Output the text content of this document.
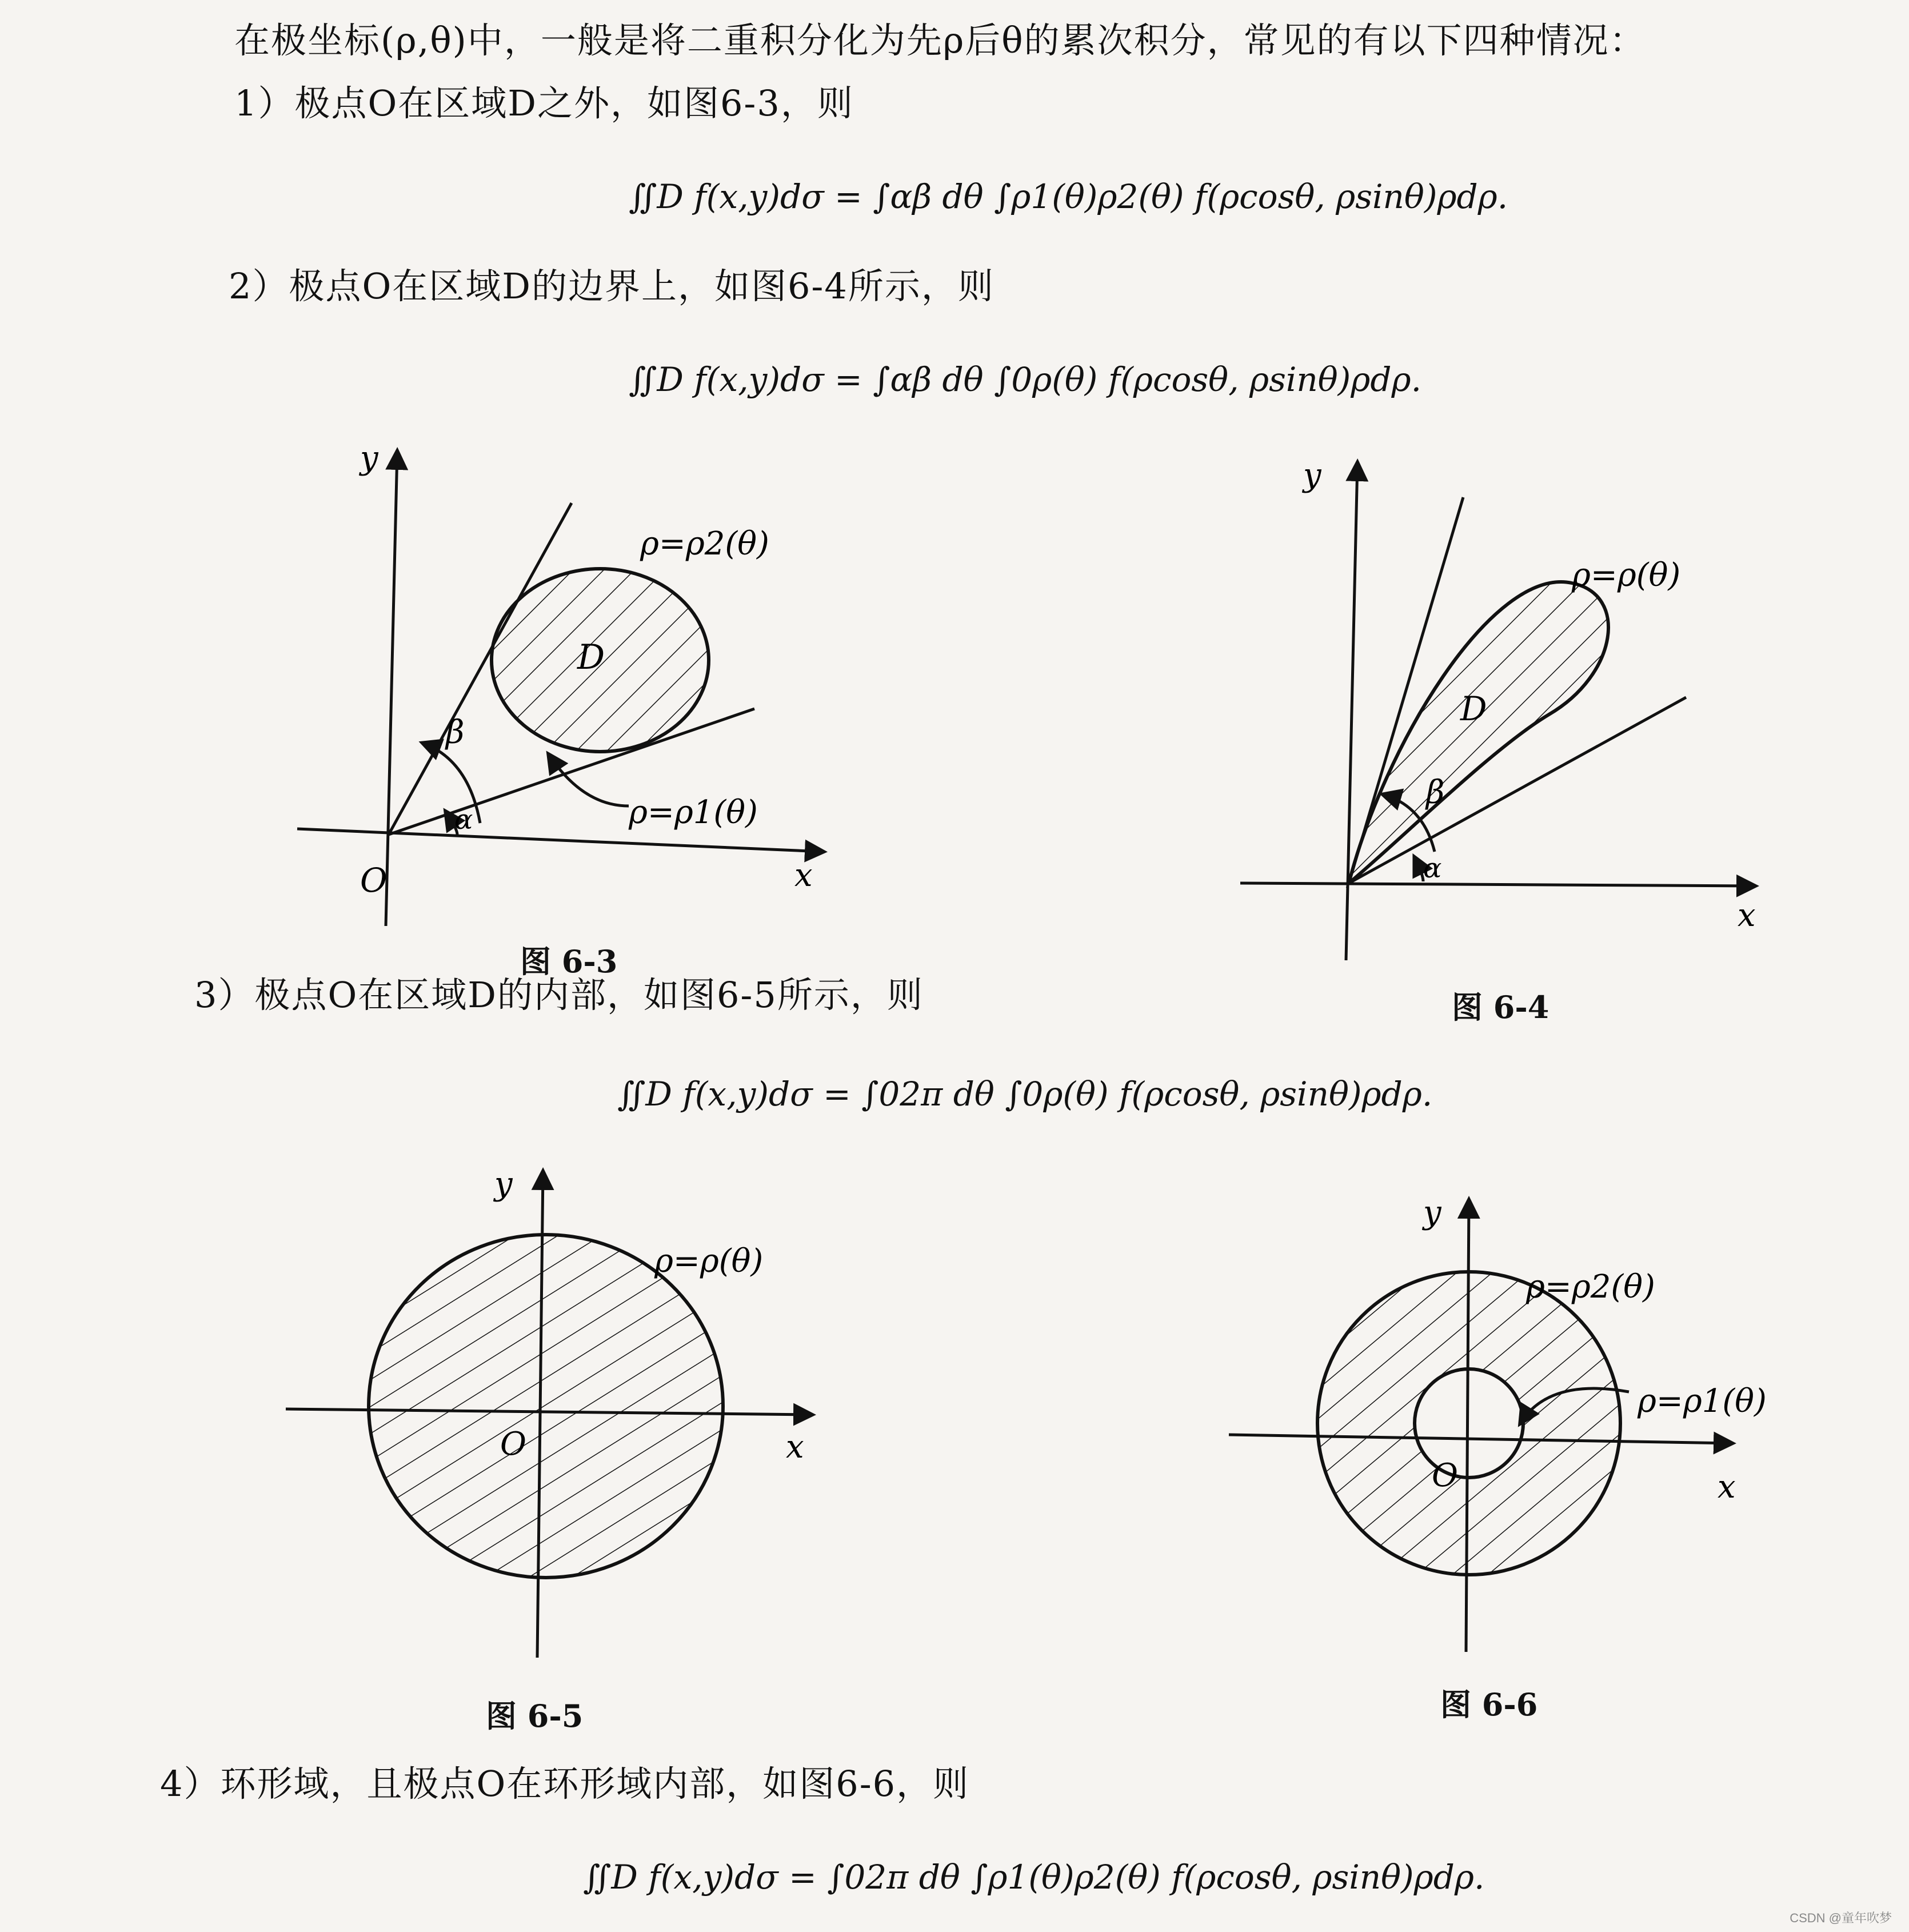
在极坐标(ρ,θ)中，一般是将二重积分化为先ρ后θ的累次积分，常见的有以下四种情况：
1）极点O在区域D之外，如图6-3，则
∬D f(x,y)dσ = ∫αβ dθ ∫ρ1(θ)ρ2(θ) f(ρcosθ, ρsinθ)ρdρ.
2）极点O在区域D的边界上，如图6-4所示，则
∬D f(x,y)dσ = ∫αβ dθ ∫0ρ(θ) f(ρcosθ, ρsinθ)ρdρ.
O	x
y
ρ=ρ2(θ)
D
β
α	ρ=ρ1(θ)
图 6-3
y
x
ρ=ρ(θ)
D
β
α
图 6-4
3）极点O在区域D的内部，如图6-5所示，则
∬D f(x,y)dσ = ∫02π dθ ∫0ρ(θ) f(ρcosθ, ρsinθ)ρdρ.
y
x
O
ρ=ρ(θ)
图 6-5
y
x
O
ρ=ρ2(θ)
ρ=ρ1(θ)
图 6-6
4）环形域，且极点O在环形域内部，如图6-6，则
∬D f(x,y)dσ = ∫02π dθ ∫ρ1(θ)ρ2(θ) f(ρcosθ, ρsinθ)ρdρ.
CSDN @童年吹梦
